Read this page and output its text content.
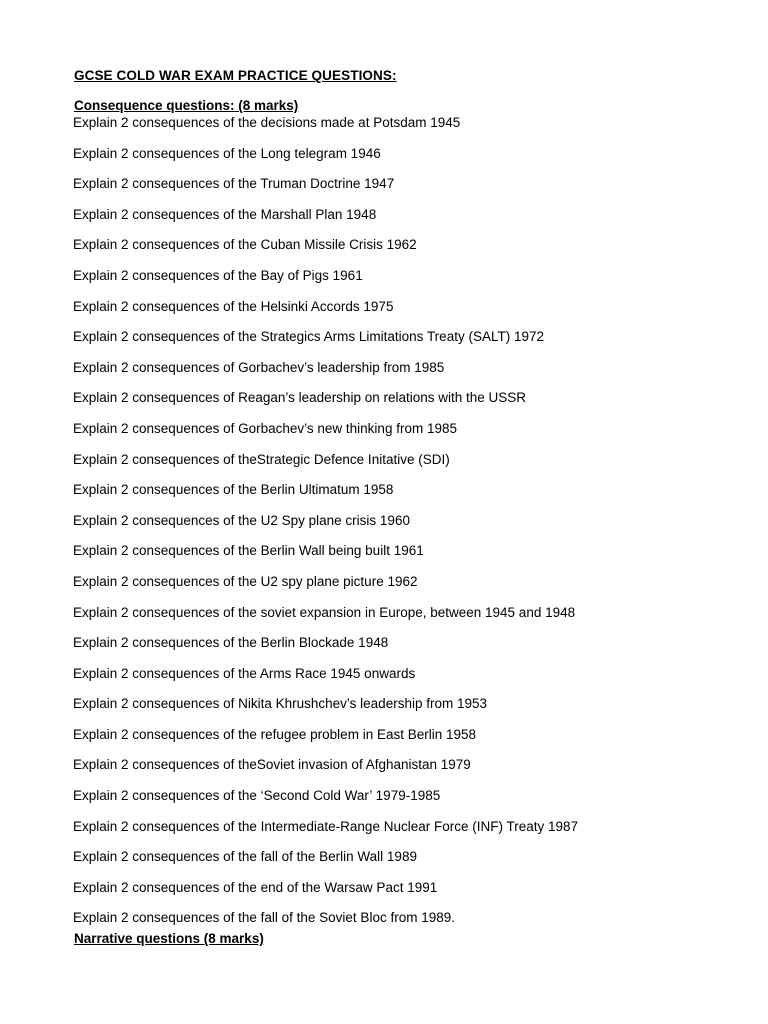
GCSE COLD WAR EXAM PRACTICE QUESTIONS:
Consequence questions: (8 marks)
Explain 2 consequences of the decisions made at Potsdam 1945
Explain 2 consequences of the Long telegram 1946
Explain 2 consequences of the Truman Doctrine 1947
Explain 2 consequences of the Marshall Plan 1948
Explain 2 consequences of the Cuban Missile Crisis 1962
Explain 2 consequences of the Bay of Pigs 1961
Explain 2 consequences of the Helsinki Accords 1975
Explain 2 consequences of the Strategics Arms Limitations Treaty (SALT) 1972
Explain 2 consequences of Gorbachev’s leadership from 1985
Explain 2 consequences of Reagan’s leadership on relations with the USSR
Explain 2 consequences of Gorbachev’s new thinking from 1985
Explain 2 consequences of theStrategic Defence Initative (SDI)
Explain 2 consequences of the Berlin Ultimatum 1958
Explain 2 consequences of the U2 Spy plane crisis 1960
Explain 2 consequences of the Berlin Wall being built 1961
Explain 2 consequences of the U2 spy plane picture 1962
Explain 2 consequences of the soviet expansion in Europe, between 1945 and 1948
Explain 2 consequences of the Berlin Blockade 1948
Explain 2 consequences of the Arms Race 1945 onwards
Explain 2 consequences of Nikita Khrushchev’s leadership from 1953
Explain 2 consequences of the refugee problem in East Berlin 1958
Explain 2 consequences of theSoviet invasion of Afghanistan 1979
Explain 2 consequences of the ‘Second Cold War’ 1979-1985
Explain 2 consequences of the Intermediate-Range Nuclear Force (INF) Treaty 1987
Explain 2 consequences of the fall of the Berlin Wall 1989
Explain 2 consequences of the end of the Warsaw Pact 1991
Explain 2 consequences of the fall of the Soviet Bloc from 1989.
Narrative questions (8 marks)
